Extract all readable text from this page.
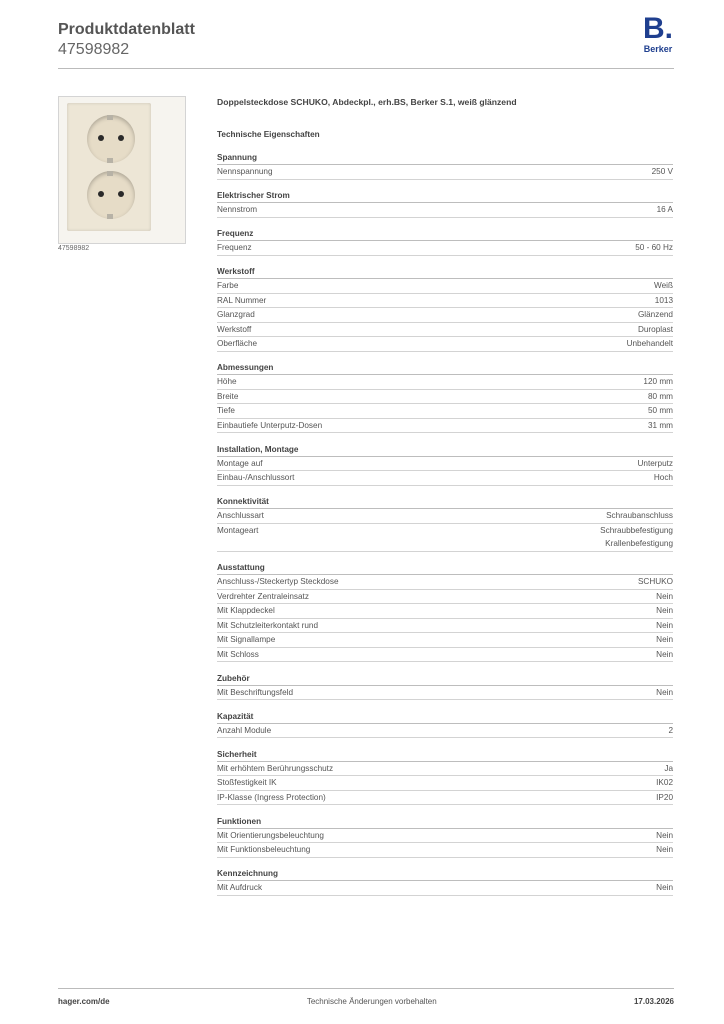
Produktdatenblatt
47598982
B.
Berker
47598982
Doppelsteckdose SCHUKO, Abdeckpl., erh.BS, Berker S.1, weiß glänzend
Technische Eigenschaften
Spannung
Nennspannung	250 V
Elektrischer Strom
Nennstrom	16 A
Frequenz
Frequenz	50 - 60 Hz
Werkstoff
Farbe	Weiß
RAL Nummer	1013
Glanzgrad	Glänzend
Werkstoff	Duroplast
Oberfläche	Unbehandelt
Abmessungen
Höhe	120 mm
Breite	80 mm
Tiefe	50 mm
Einbautiefe Unterputz-Dosen	31 mm
Installation, Montage
Montage auf	Unterputz
Einbau-/Anschlussort	Hoch
Konnektivität
Anschlussart	Schraubanschluss
Montageart	Schraubbefestigung
Krallenbefestigung
Ausstattung
Anschluss-/Steckertyp Steckdose	SCHUKO
Verdrehter Zentraleinsatz	Nein
Mit Klappdeckel	Nein
Mit Schutzleiterkontakt rund	Nein
Mit Signallampe	Nein
Mit Schloss	Nein
Zubehör
Mit Beschriftungsfeld	Nein
Kapazität
Anzahl Module	2
Sicherheit
Mit erhöhtem Berührungsschutz	Ja
Stoßfestigkeit IK	IK02
IP-Klasse (Ingress Protection)	IP20
Funktionen
Mit Orientierungsbeleuchtung	Nein
Mit Funktionsbeleuchtung	Nein
Kennzeichnung
Mit Aufdruck	Nein
hager.com/de	Technische Änderungen vorbehalten	17.03.2026
